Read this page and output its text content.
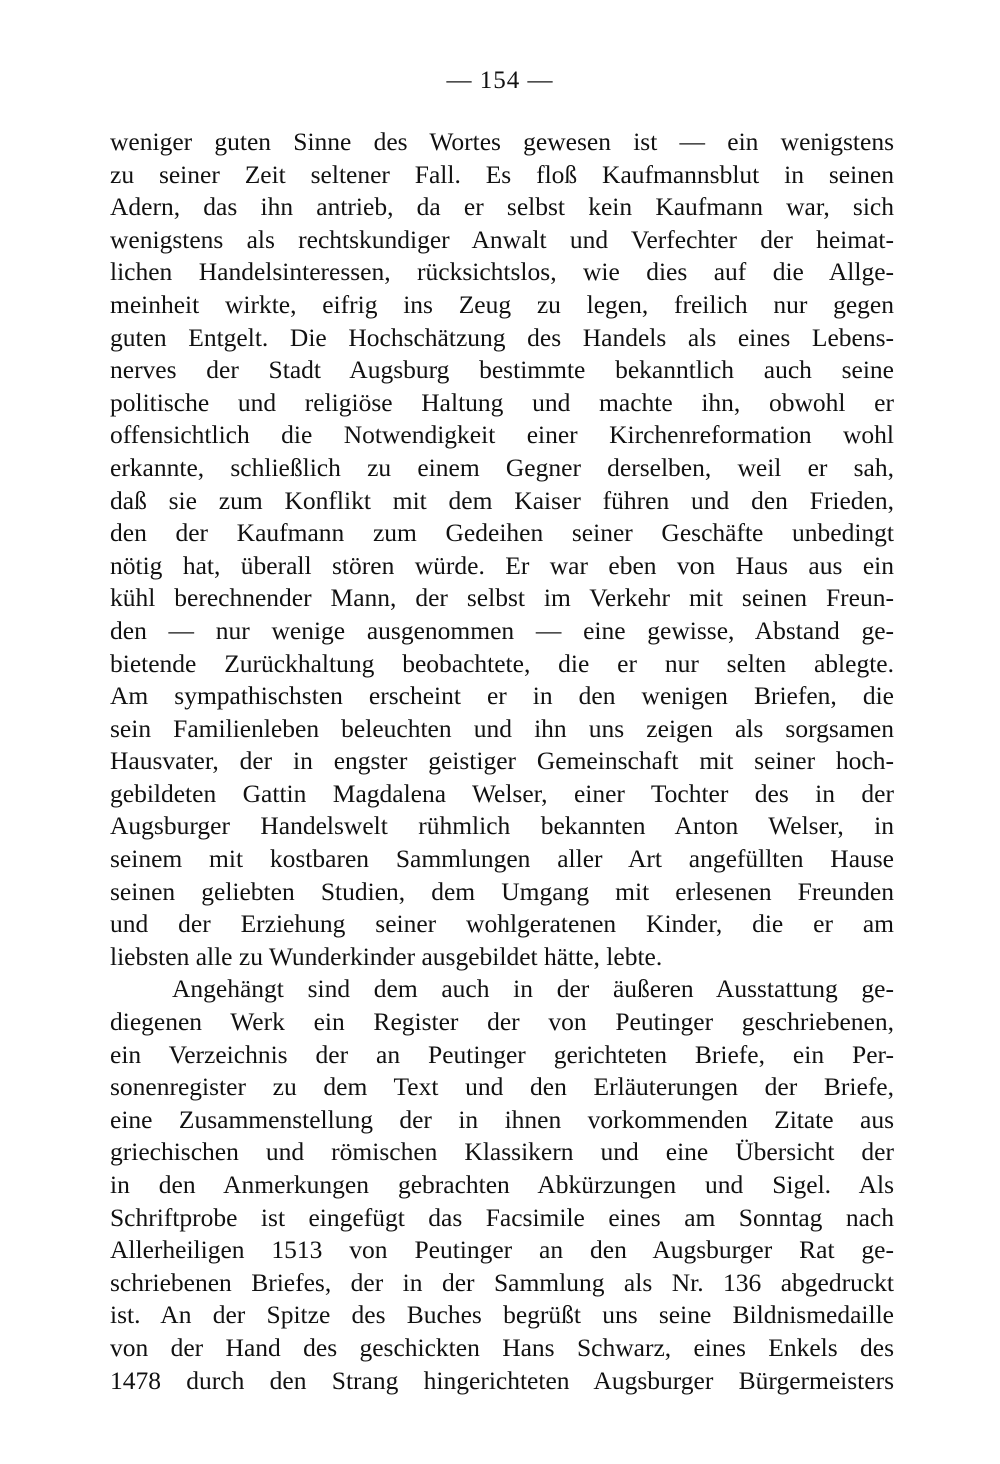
— 154 —
weniger guten Sinne des Wortes gewesen ist — ein wenigstens
zu seiner Zeit seltener Fall. Es floß Kaufmannsblut in seinen
Adern, das ihn antrieb, da er selbst kein Kaufmann war, sich
wenigstens als rechtskundiger Anwalt und Verfechter der heimat-
lichen Handelsinteressen, rücksichtslos, wie dies auf die Allge-
meinheit wirkte, eifrig ins Zeug zu legen, freilich nur gegen
guten Entgelt. Die Hochschätzung des Handels als eines Lebens-
nerves der Stadt Augsburg bestimmte bekanntlich auch seine
politische und religiöse Haltung und machte ihn, obwohl er
offensichtlich die Notwendigkeit einer Kirchenreformation wohl
erkannte, schließlich zu einem Gegner derselben, weil er sah,
daß sie zum Konflikt mit dem Kaiser führen und den Frieden,
den der Kaufmann zum Gedeihen seiner Geschäfte unbedingt
nötig hat, überall stören würde. Er war eben von Haus aus ein
kühl berechnender Mann, der selbst im Verkehr mit seinen Freun-
den — nur wenige ausgenommen — eine gewisse, Abstand ge-
bietende Zurückhaltung beobachtete, die er nur selten ablegte.
Am sympathischsten erscheint er in den wenigen Briefen, die
sein Familienleben beleuchten und ihn uns zeigen als sorgsamen
Hausvater, der in engster geistiger Gemeinschaft mit seiner hoch-
gebildeten Gattin Magdalena Welser, einer Tochter des in der
Augsburger Handelswelt rühmlich bekannten Anton Welser, in
seinem mit kostbaren Sammlungen aller Art angefüllten Hause
seinen geliebten Studien, dem Umgang mit erlesenen Freunden
und der Erziehung seiner wohlgeratenen Kinder, die er am
liebsten alle zu Wunderkinder ausgebildet hätte, lebte.
Angehängt sind dem auch in der äußeren Ausstattung ge-
diegenen Werk ein Register der von Peutinger geschriebenen,
ein Verzeichnis der an Peutinger gerichteten Briefe, ein Per-
sonenregister zu dem Text und den Erläuterungen der Briefe,
eine Zusammenstellung der in ihnen vorkommenden Zitate aus
griechischen und römischen Klassikern und eine Übersicht der
in den Anmerkungen gebrachten Abkürzungen und Sigel. Als
Schriftprobe ist eingefügt das Facsimile eines am Sonntag nach
Allerheiligen 1513 von Peutinger an den Augsburger Rat ge-
schriebenen Briefes, der in der Sammlung als Nr. 136 abgedruckt
ist. An der Spitze des Buches begrüßt uns seine Bildnismedaille
von der Hand des geschickten Hans Schwarz, eines Enkels des
1478 durch den Strang hingerichteten Augsburger Bürgermeisters
